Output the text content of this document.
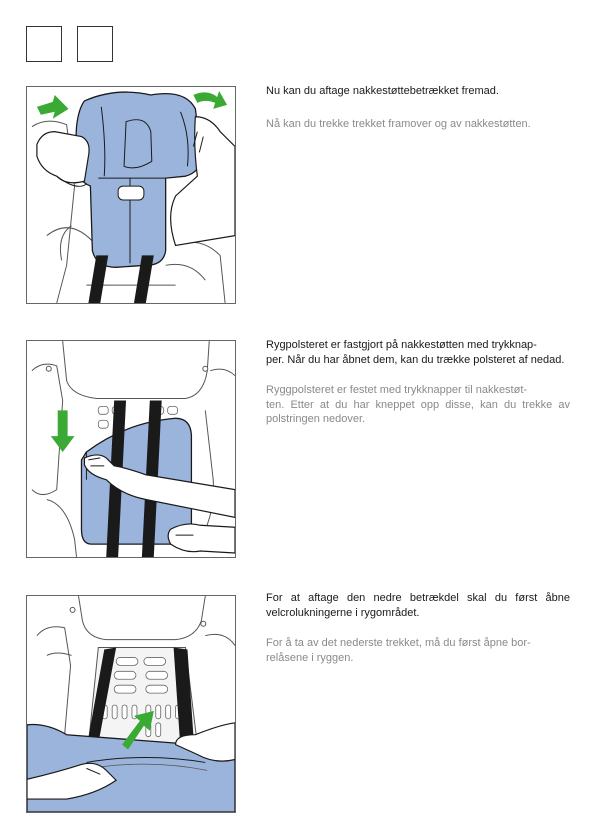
Nu kan du aftage nakkestøttebetrækket fremad.

Nå kan du trekke trekket framover og av nakkestøtten.

Rygpolsteret er fastgjort på nakkestøtten med trykknap-
per. Når du har åbnet dem, kan du trække polsteret af nedad.

Ryggpolsteret er festet med trykknapper til nakkestøt-
ten. Etter at du har kneppet opp disse, kan du trekke av polstringen nedover.

For at aftage den nedre betrækdel skal du først åbne velcrolukningerne i rygområdet.

For å ta av det nederste trekket, må du først åpne bor-
relåsene i ryggen.
